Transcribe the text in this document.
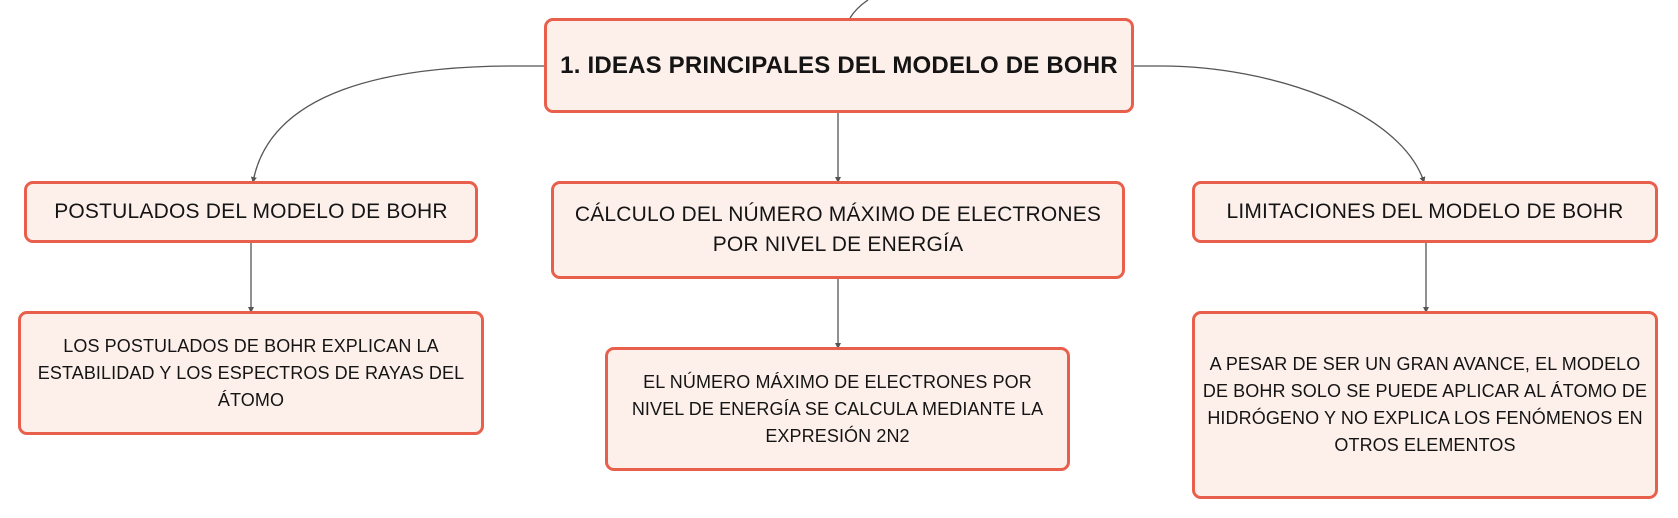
1. IDEAS PRINCIPALES DEL MODELO DE BOHR
POSTULADOS DEL MODELO DE BOHR	CÁLCULO DEL NÚMERO MÁXIMO DE ELECTRONES POR NIVEL DE ENERGÍA
LIMITACIONES DEL MODELO DE BOHR
LOS POSTULADOS DE BOHR EXPLICAN LA ESTABILIDAD Y LOS ESPECTROS DE RAYAS DEL ÁTOMO
EL NÚMERO MÁXIMO DE ELECTRONES POR NIVEL DE ENERGÍA SE CALCULA MEDIANTE LA EXPRESIÓN 2N2
A PESAR DE SER UN GRAN AVANCE, EL MODELO DE BOHR SOLO SE PUEDE APLICAR AL ÁTOMO DE HIDRÓGENO Y NO EXPLICA LOS FENÓMENOS EN OTROS ELEMENTOS
